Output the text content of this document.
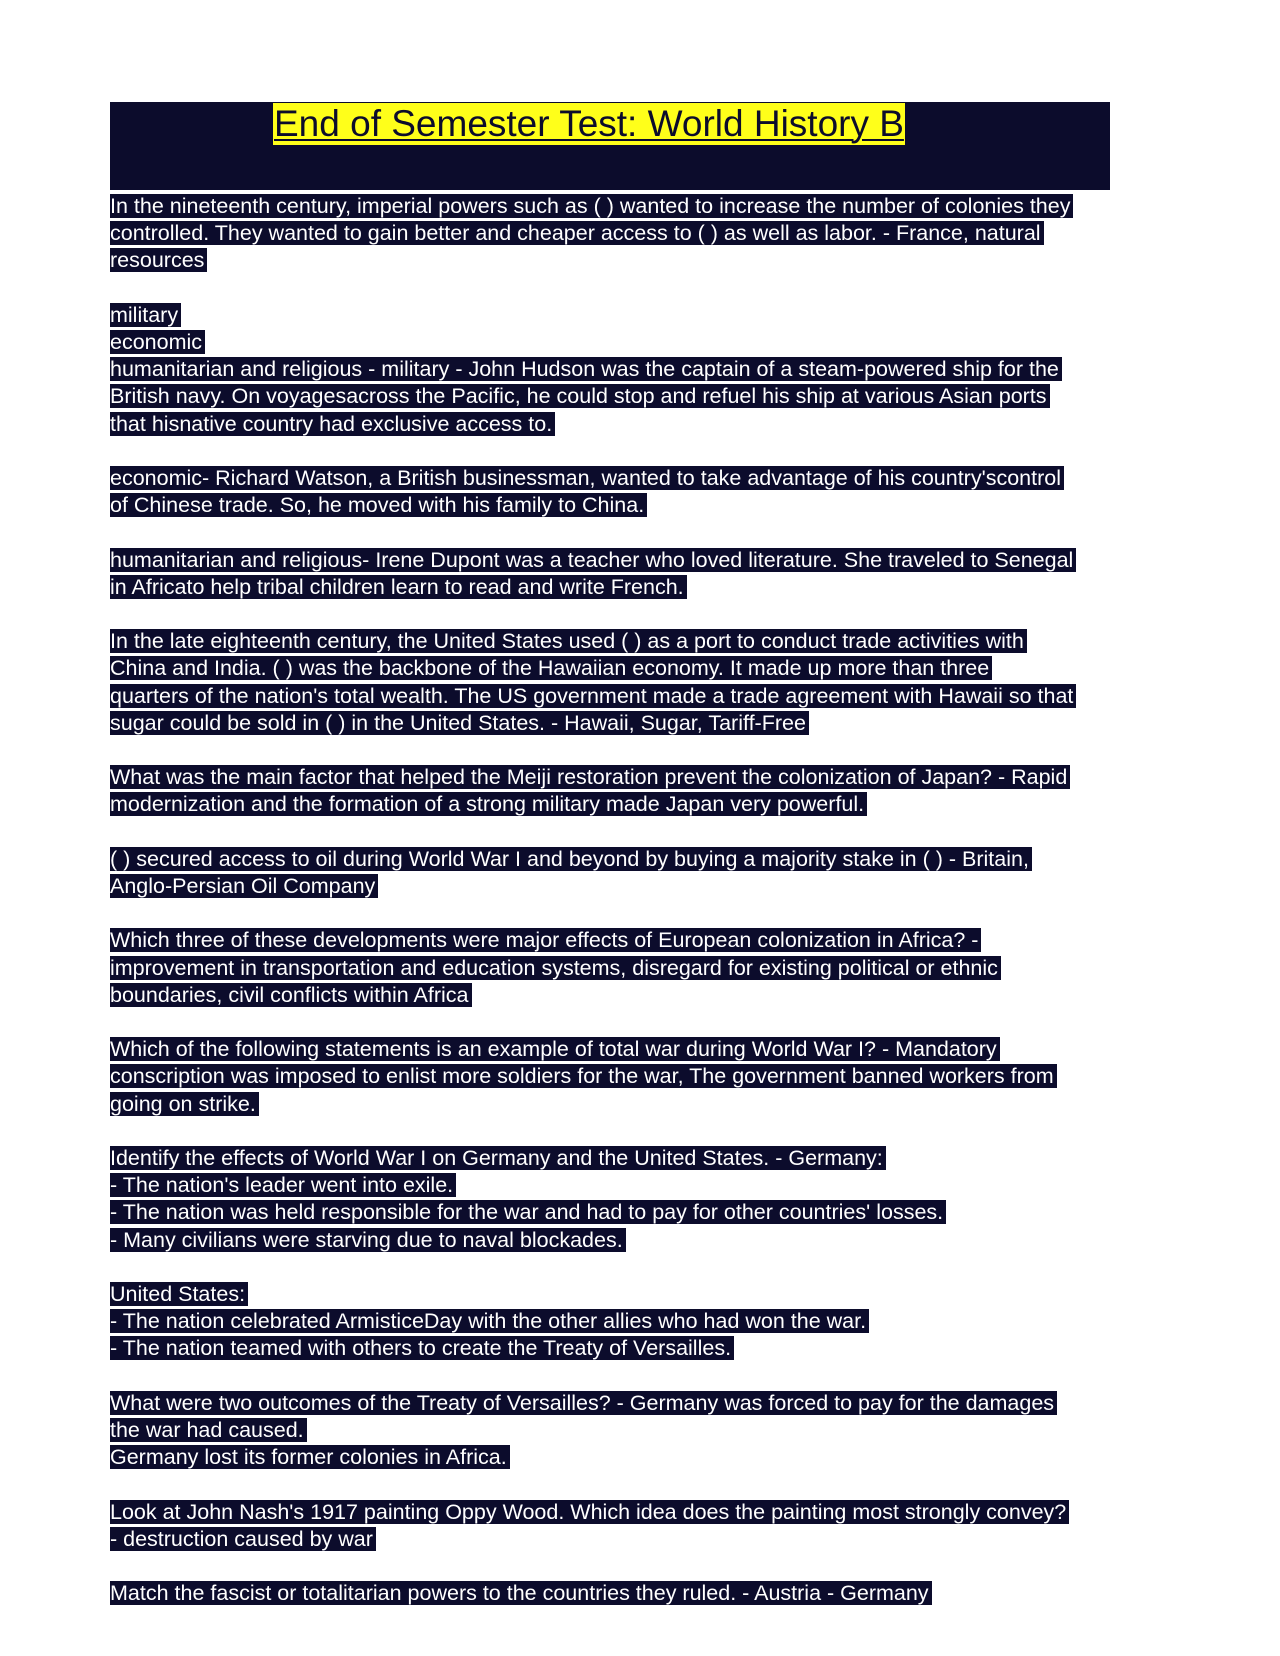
End of Semester Test: World History B
In the nineteenth century, imperial powers such as ( ) wanted to increase the number of colonies they
controlled. They wanted to gain better and cheaper access to ( ) as well as labor. - France, natural
resources

military
economic
humanitarian and religious - military - John Hudson was the captain of a steam-powered ship for the
British navy. On voyagesacross the Pacific, he could stop and refuel his ship at various Asian ports
that hisnative country had exclusive access to.

economic- Richard Watson, a British businessman, wanted to take advantage of his country'scontrol
of Chinese trade. So, he moved with his family to China.

humanitarian and religious- Irene Dupont was a teacher who loved literature. She traveled to Senegal
in Africato help tribal children learn to read and write French.

In the late eighteenth century, the United States used ( ) as a port to conduct trade activities with
China and India. ( ) was the backbone of the Hawaiian economy. It made up more than three
quarters of the nation's total wealth. The US government made a trade agreement with Hawaii so that
sugar could be sold in ( ) in the United States. - Hawaii, Sugar, Tariff-Free

What was the main factor that helped the Meiji restoration prevent the colonization of Japan? - Rapid
modernization and the formation of a strong military made Japan very powerful.

( ) secured access to oil during World War I and beyond by buying a majority stake in ( ) - Britain,
Anglo-Persian Oil Company

Which three of these developments were major effects of European colonization in Africa? -
improvement in transportation and education systems, disregard for existing political or ethnic
boundaries, civil conflicts within Africa

Which of the following statements is an example of total war during World War I? - Mandatory
conscription was imposed to enlist more soldiers for the war, The government banned workers from
going on strike.

Identify the effects of World War I on Germany and the United States. - Germany:
- The nation's leader went into exile.
- The nation was held responsible for the war and had to pay for other countries' losses.
- Many civilians were starving due to naval blockades.

United States:
- The nation celebrated ArmisticeDay with the other allies who had won the war.
- The nation teamed with others to create the Treaty of Versailles.

What were two outcomes of the Treaty of Versailles? - Germany was forced to pay for the damages
the war had caused.
Germany lost its former colonies in Africa.

Look at John Nash's 1917 painting Oppy Wood. Which idea does the painting most strongly convey?
- destruction caused by war

Match the fascist or totalitarian powers to the countries they ruled. - Austria - Germany
